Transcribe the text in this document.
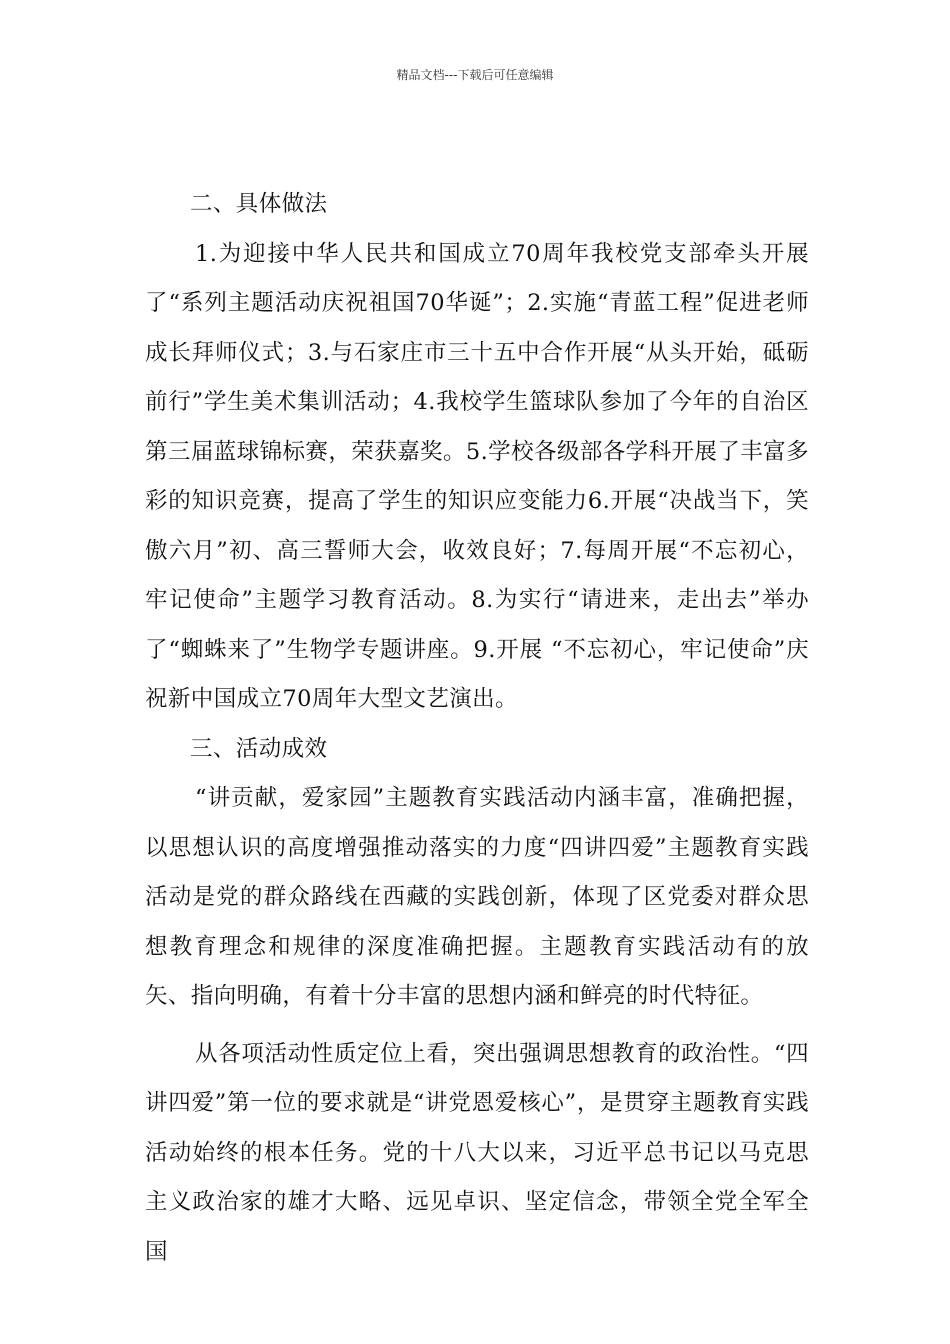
精品文档---下载后可任意编辑

二、具体做法

1.为迎接中华人民共和国成立70周年我校党支部牵头开展了“系列主题活动庆祝祖国70华诞”；2.实施“青蓝工程”促进老师成长拜师仪式；3.与石家庄市三十五中合作开展“从头开始，砥砺前行”学生美术集训活动；4.我校学生篮球队参加了今年的自治区第三届蓝球锦标赛，荣获嘉奖。5.学校各级部各学科开展了丰富多彩的知识竞赛，提高了学生的知识应变能力6.开展“决战当下，笑傲六月”初、高三誓师大会，收效良好；7.每周开展“不忘初心，牢记使命”主题学习教育活动。8.为实行“请进来，走出去”举办了“蜘蛛来了”生物学专题讲座。9.开展 “不忘初心，牢记使命”庆祝新中国成立70周年大型文艺演出。

三、活动成效

“讲贡献，爱家园”主题教育实践活动内涵丰富，准确把握，以思想认识的高度增强推动落实的力度“四讲四爱”主题教育实践活动是党的群众路线在西藏的实践创新，体现了区党委对群众思想教育理念和规律的深度准确把握。主题教育实践活动有的放矢、指向明确，有着十分丰富的思想内涵和鲜亮的时代特征。

从各项活动性质定位上看，突出强调思想教育的政治性。“四讲四爱”第一位的要求就是“讲党恩爱核心”，是贯穿主题教育实践活动始终的根本任务。党的十八大以来，习近平总书记以马克思主义政治家的雄才大略、远见卓识、坚定信念，带领全党全军全国
